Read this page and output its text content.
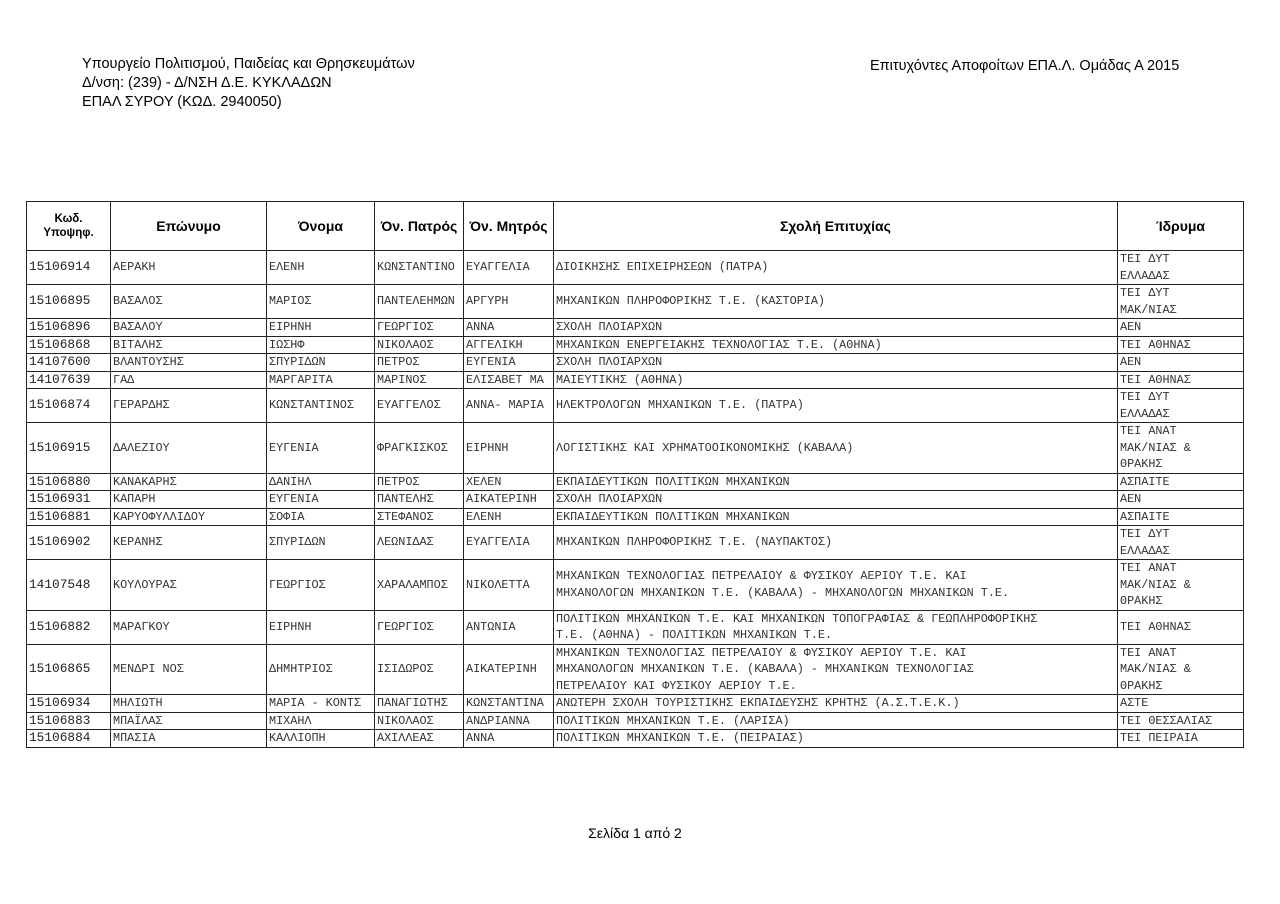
Υπουργείο Πολιτισμού, Παιδείας και Θρησκευμάτων
Δ/νση: (239) - Δ/ΝΣΗ Δ.Ε. ΚΥΚΛΑΔΩΝ
ΕΠΑΛ ΣΥΡΟΥ (ΚΩΔ. 2940050)
Επιτυχόντες Αποφοίτων ΕΠΑ.Λ. Ομάδας Α 2015
Κωδ. Υποψηφ.	Επώνυμο	Όνομα	Όν. Πατρός	Όν. Μητρός	Σχολή Επιτυχίας	Ίδρυμα
15106914	ΑΕΡΑΚΗ	ΕΛΕΝΗ	ΚΩΝΣΤΑΝΤΙΝΟ	ΕΥΑΓΓΕΛΙΑ	ΔΙΟΙΚΗΣΗΣ ΕΠΙΧΕΙΡΗΣΕΩΝ (ΠΑΤΡΑ)	ΤΕΙ ΔΥΤ
ΕΛΛΑΔΑΣ

15106895	ΒΑΣΑΛΟΣ	ΜΑΡΙΟΣ	ΠΑΝΤΕΛΕΗΜΩΝ	ΑΡΓΥΡΗ	ΜΗΧΑΝΙΚΩΝ ΠΛΗΡΟΦΟΡΙΚΗΣ Τ.Ε. (ΚΑΣΤΟΡΙΑ)	ΤΕΙ ΔΥΤ
ΜΑΚ/ΝΙΑΣ

15106896	ΒΑΣΑΛΟΥ	ΕΙΡΗΝΗ	ΓΕΩΡΓΙΟΣ	ΑΝΝΑ	ΣΧΟΛΗ ΠΛΟΙΑΡΧΩΝ	ΑΕΝ

15106868	ΒΙΤΑΛΗΣ	ΙΩΣΗΦ	ΝΙΚΟΛΑΟΣ	ΑΓΓΕΛΙΚΗ	ΜΗΧΑΝΙΚΩΝ ΕΝΕΡΓΕΙΑΚΗΣ ΤΕΧΝΟΛΟΓΙΑΣ Τ.Ε. (ΑΘΗΝΑ)	ΤΕΙ ΑΘΗΝΑΣ

14107600	ΒΛΑΝΤΟΥΣΗΣ	ΣΠΥΡΙΔΩΝ	ΠΕΤΡΟΣ	ΕΥΓΕΝΙΑ	ΣΧΟΛΗ ΠΛΟΙΑΡΧΩΝ	ΑΕΝ

14107639	ΓΑΔ	ΜΑΡΓΑΡΙΤΑ	ΜΑΡΙΝΟΣ	ΕΛΙΣΑΒΕΤ ΜΑ	ΜΑΙΕΥΤΙΚΗΣ (ΑΘΗΝΑ)	ΤΕΙ ΑΘΗΝΑΣ

15106874	ΓΕΡΑΡΔΗΣ	ΚΩΝΣΤΑΝΤΙΝΟΣ	ΕΥΑΓΓΕΛΟΣ	ΑΝΝΑ- ΜΑΡΙΑ	ΗΛΕΚΤΡΟΛΟΓΩΝ ΜΗΧΑΝΙΚΩΝ Τ.Ε. (ΠΑΤΡΑ)	ΤΕΙ ΔΥΤ
ΕΛΛΑΔΑΣ

15106915	ΔΑΛΕΖΙΟΥ	ΕΥΓΕΝΙΑ	ΦΡΑΓΚΙΣΚΟΣ	ΕΙΡΗΝΗ	ΛΟΓΙΣΤΙΚΗΣ ΚΑΙ ΧΡΗΜΑΤΟΟΙΚΟΝΟΜΙΚΗΣ (ΚΑΒΑΛΑ)	ΤΕΙ ΑΝΑΤ
ΜΑΚ/ΝΙΑΣ &
ΘΡΑΚΗΣ

15106880	ΚΑΝΑΚΑΡΗΣ	ΔΑΝΙΗΛ	ΠΕΤΡΟΣ	ΧΕΛΕΝ	ΕΚΠΑΙΔΕΥΤΙΚΩΝ ΠΟΛΙΤΙΚΩΝ ΜΗΧΑΝΙΚΩΝ	ΑΣΠΑΙΤΕ

15106931	ΚΑΠΑΡΗ	ΕΥΓΕΝΙΑ	ΠΑΝΤΕΛΗΣ	ΑΙΚΑΤΕΡΙΝΗ	ΣΧΟΛΗ ΠΛΟΙΑΡΧΩΝ	ΑΕΝ

15106881	ΚΑΡΥΟΦΥΛΛΙΔΟΥ	ΣΟΦΙΑ	ΣΤΕΦΑΝΟΣ	ΕΛΕΝΗ	ΕΚΠΑΙΔΕΥΤΙΚΩΝ ΠΟΛΙΤΙΚΩΝ ΜΗΧΑΝΙΚΩΝ	ΑΣΠΑΙΤΕ

15106902	ΚΕΡΑΝΗΣ	ΣΠΥΡΙΔΩΝ	ΛΕΩΝΙΔΑΣ	ΕΥΑΓΓΕΛΙΑ	ΜΗΧΑΝΙΚΩΝ ΠΛΗΡΟΦΟΡΙΚΗΣ Τ.Ε. (ΝΑΥΠΑΚΤΟΣ)	ΤΕΙ ΔΥΤ
ΕΛΛΑΔΑΣ

14107548	ΚΟΥΛΟΥΡΑΣ	ΓΕΩΡΓΙΟΣ	ΧΑΡΑΛΑΜΠΟΣ	ΝΙΚΟΛΕΤΤΑ	ΜΗΧΑΝΙΚΩΝ ΤΕΧΝΟΛΟΓΙΑΣ ΠΕΤΡΕΛΑΙΟΥ & ΦΥΣΙΚΟΥ ΑΕΡΙΟΥ Τ.Ε. ΚΑΙ
ΜΗΧΑΝΟΛΟΓΩΝ ΜΗΧΑΝΙΚΩΝ Τ.Ε. (ΚΑΒΑΛΑ) - ΜΗΧΑΝΟΛΟΓΩΝ ΜΗΧΑΝΙΚΩΝ Τ.Ε.	ΤΕΙ ΑΝΑΤ
ΜΑΚ/ΝΙΑΣ &
ΘΡΑΚΗΣ

15106882	ΜΑΡΑΓΚΟΥ	ΕΙΡΗΝΗ	ΓΕΩΡΓΙΟΣ	ΑΝΤΩΝΙΑ	ΠΟΛΙΤΙΚΩΝ ΜΗΧΑΝΙΚΩΝ Τ.Ε. ΚΑΙ ΜΗΧΑΝΙΚΩΝ ΤΟΠΟΓΡΑΦΙΑΣ & ΓΕΩΠΛΗΡΟΦΟΡΙΚΗΣ
Τ.Ε. (ΑΘΗΝΑ) - ΠΟΛΙΤΙΚΩΝ ΜΗΧΑΝΙΚΩΝ Τ.Ε.	ΤΕΙ ΑΘΗΝΑΣ

15106865	ΜΕΝΔΡΙ ΝΟΣ	ΔΗΜΗΤΡΙΟΣ	ΙΣΙΔΩΡΟΣ	ΑΙΚΑΤΕΡΙΝΗ	ΜΗΧΑΝΙΚΩΝ ΤΕΧΝΟΛΟΓΙΑΣ ΠΕΤΡΕΛΑΙΟΥ & ΦΥΣΙΚΟΥ ΑΕΡΙΟΥ Τ.Ε. ΚΑΙ
ΜΗΧΑΝΟΛΟΓΩΝ ΜΗΧΑΝΙΚΩΝ Τ.Ε. (ΚΑΒΑΛΑ) - ΜΗΧΑΝΙΚΩΝ ΤΕΧΝΟΛΟΓΙΑΣ
ΠΕΤΡΕΛΑΙΟΥ ΚΑΙ ΦΥΣΙΚΟΥ ΑΕΡΙΟΥ Τ.Ε.	ΤΕΙ ΑΝΑΤ
ΜΑΚ/ΝΙΑΣ &
ΘΡΑΚΗΣ

15106934	ΜΗΛΙΩΤΗ	ΜΑΡΙΑ - ΚΟΝΤΣ	ΠΑΝΑΓΙΩΤΗΣ	ΚΩΝΣΤΑΝΤΙΝΑ	ΑΝΩΤΕΡΗ ΣΧΟΛΗ ΤΟΥΡΙΣΤΙΚΗΣ ΕΚΠΑΙΔΕΥΣΗΣ ΚΡΗΤΗΣ (Α.Σ.Τ.Ε.Κ.)	ΑΣΤΕ

15106883	ΜΠΑΪΛΑΣ	ΜΙΧΑΗΛ	ΝΙΚΟΛΑΟΣ	ΑΝΔΡΙΑΝΝΑ	ΠΟΛΙΤΙΚΩΝ ΜΗΧΑΝΙΚΩΝ Τ.Ε. (ΛΑΡΙΣΑ)	ΤΕΙ ΘΕΣΣΑΛΙΑΣ

15106884	ΜΠΑΣΙΑ	ΚΑΛΛΙΟΠΗ	ΑΧΙΛΛΕΑΣ	ΑΝΝΑ	ΠΟΛΙΤΙΚΩΝ ΜΗΧΑΝΙΚΩΝ Τ.Ε. (ΠΕΙΡΑΙΑΣ)	ΤΕΙ ΠΕΙΡΑΙΑ
Σελίδα 1 από 2
